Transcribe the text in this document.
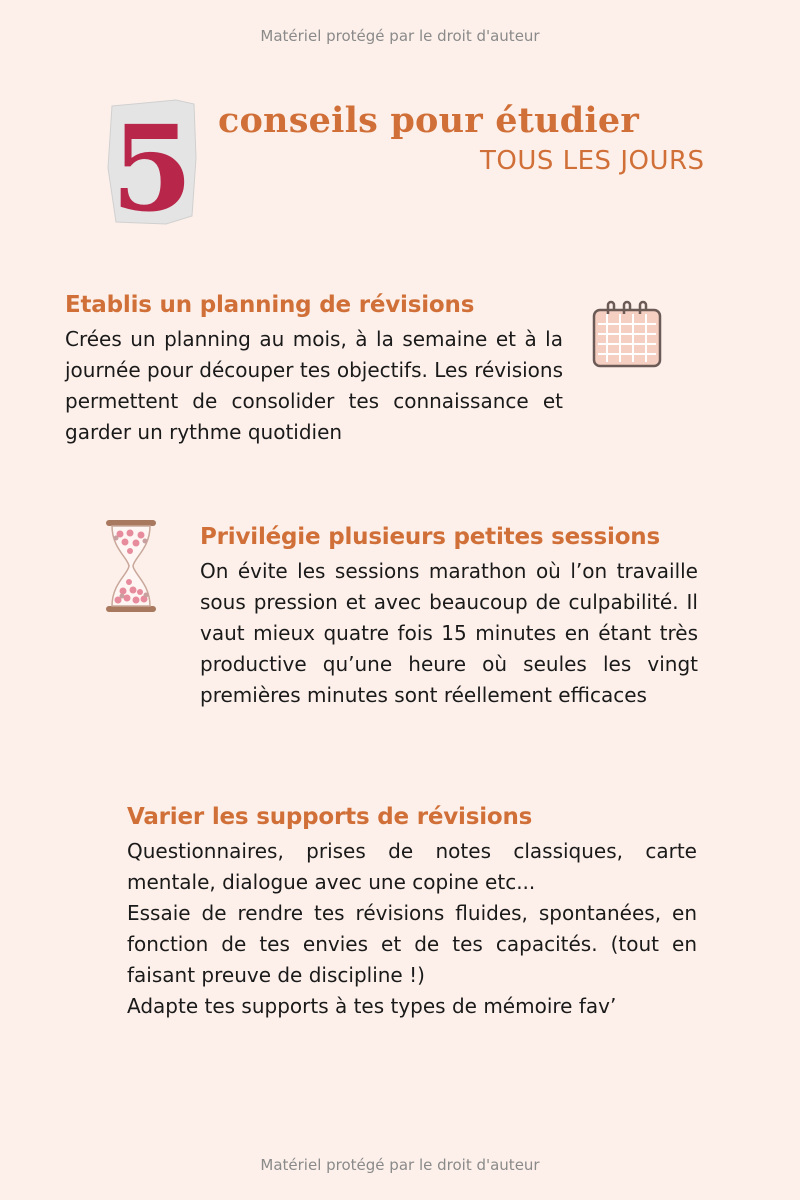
Matériel protégé par le droit d'auteur
5 conseils pour étudier
TOUS LES JOURS
Etablis un planning de révisions

Crées un planning au mois, à la semaine et à la journée pour découper tes objectifs. Les révisions permettent de consolider tes connaissance et garder un rythme quotidien

Privilégie plusieurs petites sessions

On évite les sessions marathon où l’on travaille sous pression et avec beaucoup de culpabilité. Il vaut mieux quatre fois 15 minutes en étant très productive qu’une heure où seules les vingt premières minutes sont réellement efficaces

Varier les supports de révisions

Questionnaires, prises de notes classiques, carte mentale, dialogue avec une copine etc...

Essaie de rendre tes révisions fluides, spontanées, en fonction de tes envies et de tes capacités. (tout en faisant preuve de discipline !)

Adapte tes supports à tes types de mémoire fav’

Matériel protégé par le droit d'auteur
